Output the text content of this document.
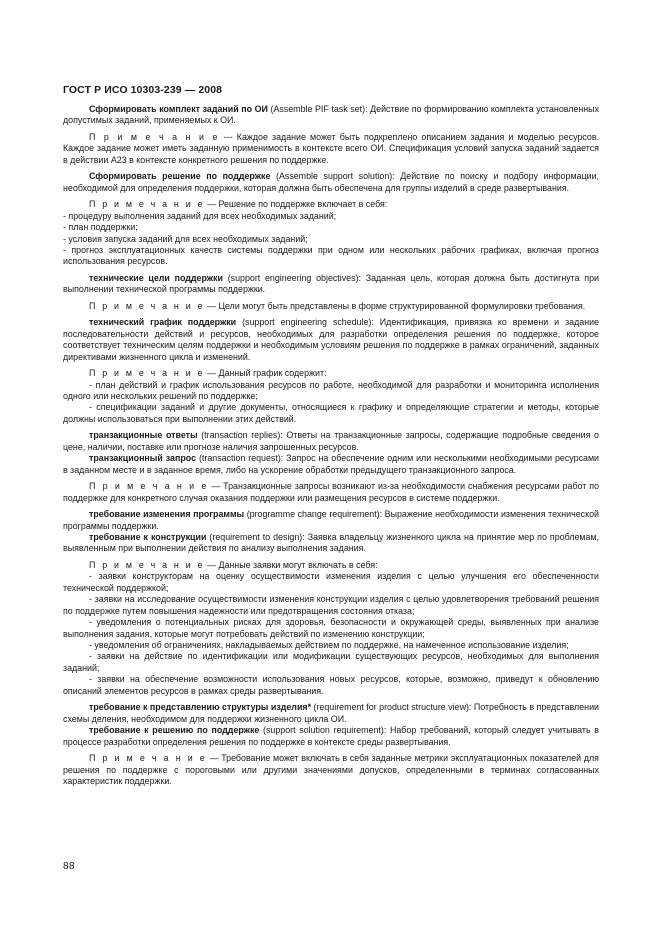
ГОСТ Р ИСО 10303-239 — 2008

Сформировать комплект заданий по ОИ (Assemble PIF task set): Действие по формированию комплекта установленных допустимых заданий, применяемых к ОИ.

П р и м е ч а н и е --- Каждое задание может быть подкреплено описанием задания и моделью ресурсов. Каждое задание может иметь заданную применимость в контексте всего ОИ. Спецификация условий запуска заданий задается в действии А23 в контексте конкретного решения по поддержке.

Сформировать решение по поддержке (Assemble support solution): Действие по поиску и подбору информации, необходимой для определения поддержки, которая должна быть обеспечена для группы изделий в среде развертывания.

П р и м е ч а н и е — Решение по поддержке включает в себя:

- процедуру выполнения заданий для всех необходимых заданий;

- план поддержки;

- условия запуска заданий для всех необходимых заданий;

- прогноз эксплуатационных качеств системы поддержки при одном или нескольких рабочих графиках, включая прогноз использования ресурсов.

технические цели поддержки (support engineering objectives): Заданная цель, которая должна быть достигнута при выполнении технической программы поддержки.

П р и м е ч а н и е — Цели могут быть представлены в форме структурированной формулировки требования.

технический график поддержки (support engineering schedule): Идентификация, привязка ко времени и задание последовательности действий и ресурсов, необходимых для разработки определения решения по поддержке, которое соответствует техническим целям поддержки и необходимым условиям решения по поддержке в рамках ограничений, заданных директивами жизненного цикла и изменений.

П р и м е ч а н и е — Данный график содержит:

- план действий и график использования ресурсов по работе, необходимой для разработки и мониторинга исполнения одного или нескольких решений по поддержке;

- спецификации заданий и другие документы, относящиеся к графику и определяющие стратегии и методы, которые должны использоваться при выполнении этих действий.

транзакционные ответы (transaction replies): Ответы на транзакционные запросы, содержащие подробные сведения о цене, наличии, поставке или прогнозе наличия запрошенных ресурсов.

транзакционный запрос (transaction request): Запрос на обеспечение одним или несколькими необходимыми ресурсами в заданном месте и в заданное время, либо на ускорение обработки предыдущего транзакционного запроса.

П р и м е ч а н и е — Транзакционные запросы возникают из-за необходимости снабжения ресурсами работ по поддержке для конкретного случая оказания поддержки или размещения ресурсов в системе поддержки.

требование изменения программы (programme change requirement): Выражение необходимости изменения технической программы поддержки.

требование к конструкции (requirement to design): Заявка владельцу жизненного цикла на принятие мер по проблемам, выявленным при выполнении действия по анализу выполнения задания.

П р и м е ч а н и е — Данные заявки могут включать в себя:

- заявки конструкторам на оценку осуществимости изменения изделия с целью улучшения его обеспеченности технической поддержкой;

- заявки на исследование осуществимости изменения конструкции изделия с целью удовлетворения требований решения по поддержке путем повышения надежности или предотвращения состояния отказа;

- уведомления о потенциальных рисках для здоровья, безопасности и окружающей среды, выявленных при анализе выполнения задания, которые могут потребовать действий по изменению конструкции;

- уведомления об ограничениях, накладываемых действием по поддержке, на намеченное использование изделия;

- заявки на действие по идентификации или модификации существующих ресурсов, необходимых для выполнения заданий;

- заявки на обеспечение возможности использования новых ресурсов, которые, возможно, приведут к обновлению описаний элементов ресурсов в рамках среды развертывания.

требование к представлению структуры изделия* (requirement for product structure view): Потребность в представлении схемы деления, необходимом для поддержки жизненного цикла ОИ.

требование к решению по поддержке (support solution requirement): Набор требований, который следует учитывать в процессе разработки определения решения по поддержке в контексте среды развертывания.

П р и м е ч а н и е — Требование может включать в себя заданные метрики эксплуатационных показателей для решения по поддержке с пороговыми или другими значениями допусков, определенными в терминах согласованных характеристик поддержки.

88
